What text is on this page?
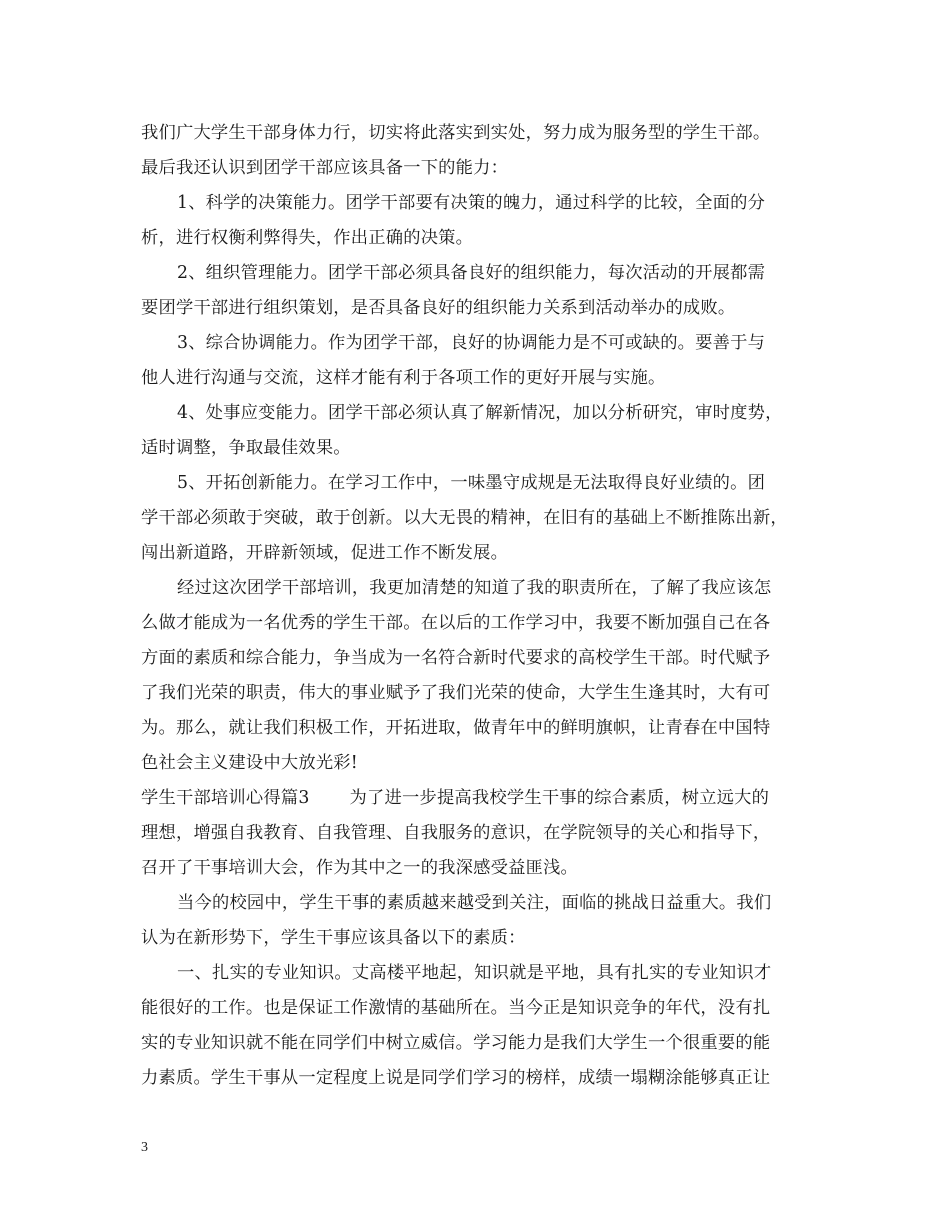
我们广大学生干部身体力行，切实将此落实到实处，努力成为服务型的学生干部。
最后我还认识到团学干部应该具备一下的能力：
1、科学的决策能力。团学干部要有决策的魄力，通过科学的比较，全面的分
析，进行权衡利弊得失，作出正确的决策。
2、组织管理能力。团学干部必须具备良好的组织能力，每次活动的开展都需
要团学干部进行组织策划，是否具备良好的组织能力关系到活动举办的成败。
3、综合协调能力。作为团学干部，良好的协调能力是不可或缺的。要善于与
他人进行沟通与交流，这样才能有利于各项工作的更好开展与实施。
4、处事应变能力。团学干部必须认真了解新情况，加以分析研究，审时度势，
适时调整，争取最佳效果。
5、开拓创新能力。在学习工作中，一味墨守成规是无法取得良好业绩的。团
学干部必须敢于突破，敢于创新。以大无畏的精神，在旧有的基础上不断推陈出新，
闯出新道路，开辟新领域，促进工作不断发展。
经过这次团学干部培训，我更加清楚的知道了我的职责所在，了解了我应该怎
么做才能成为一名优秀的学生干部。在以后的工作学习中，我要不断加强自己在各
方面的素质和综合能力，争当成为一名符合新时代要求的高校学生干部。时代赋予
了我们光荣的职责，伟大的事业赋予了我们光荣的使命，大学生生逢其时，大有可
为。那么，就让我们积极工作，开拓进取，做青年中的鲜明旗帜，让青春在中国特
色社会主义建设中大放光彩!
学生干部培训心得篇3 为了进一步提高我校学生干事的综合素质，树立远大的
理想，增强自我教育、自我管理、自我服务的意识，在学院领导的关心和指导下，
召开了干事培训大会，作为其中之一的我深感受益匪浅。
当今的校园中，学生干事的素质越来越受到关注，面临的挑战日益重大。我们
认为在新形势下，学生干事应该具备以下的素质：
一、扎实的专业知识。丈高楼平地起，知识就是平地，具有扎实的专业知识才
能很好的工作。也是保证工作激情的基础所在。当今正是知识竞争的年代，没有扎
实的专业知识就不能在同学们中树立威信。学习能力是我们大学生一个很重要的能
力素质。学生干事从一定程度上说是同学们学习的榜样，成绩一塌糊涂能够真正让
3
